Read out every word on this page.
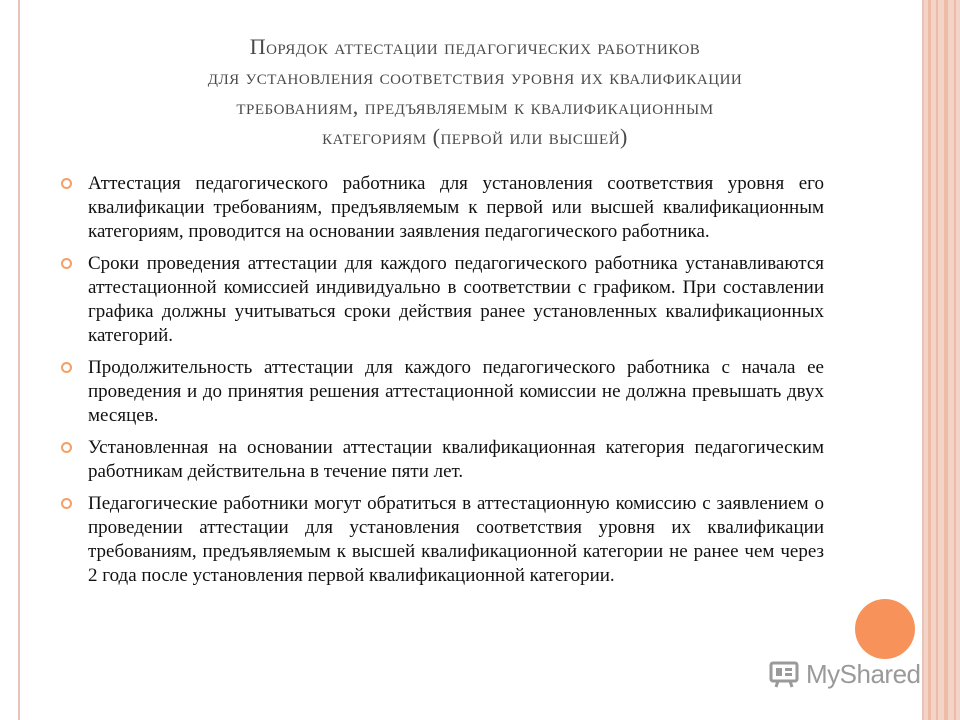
Порядок аттестации педагогических работников
для установления соответствия уровня их квалификации
требованиям, предъявляемым к квалификационным
категориям (первой или высшей)
Аттестация педагогического работника для установления соответствия уровня его квалификации требованиям, предъявляемым к первой или высшей квалификационным категориям, проводится на основании заявления педагогического работника.
Сроки проведения аттестации для каждого педагогического работника устанавливаются аттестационной комиссией индивидуально в соответствии с графиком. При составлении графика должны учитываться сроки действия ранее установленных квалификационных категорий.
Продолжительность аттестации для каждого педагогического работника с начала ее проведения и до принятия решения аттестационной комиссии не должна превышать двух месяцев.
Установленная на основании аттестации квалификационная категория педагогическим работникам действительна в течение пяти лет.
Педагогические работники могут обратиться в аттестационную комиссию с заявлением о проведении аттестации для установления соответствия уровня их квалификации требованиям, предъявляемым к высшей квалификационной категории не ранее чем через 2 года после установления первой квалификационной категории.
MyShared
